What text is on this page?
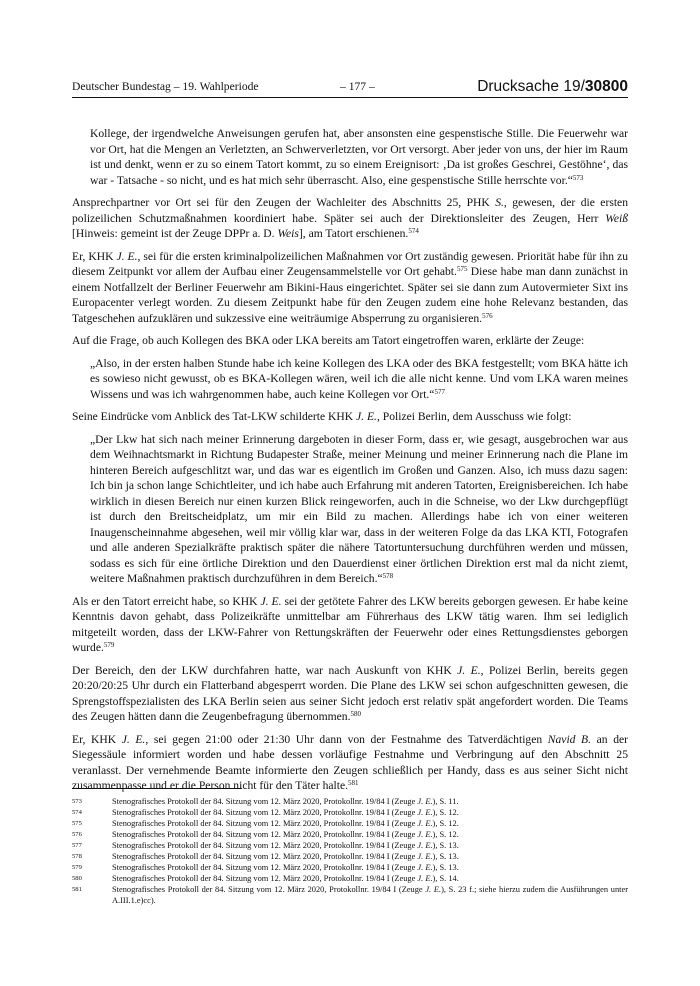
Deutscher Bundestag – 19. Wahlperiode	– 177 –	Drucksache 19/30800

Kollege, der irgendwelche Anweisungen gerufen hat, aber ansonsten eine gespenstische Stille. Die Feuerwehr war vor Ort, hat die Mengen an Verletzten, an Schwerverletzten, vor Ort versorgt. Aber jeder von uns, der hier im Raum ist und denkt, wenn er zu so einem Tatort kommt, zu so einem Ereignisort: ‚Da ist großes Geschrei, Gestöhne‘, das war - Tatsache - so nicht, und es hat mich sehr überrascht. Also, eine gespenstische Stille herrschte vor.“$^{573}$

Ansprechpartner vor Ort sei für den Zeugen der Wachleiter des Abschnitts 25, PHK S., gewesen, der die ersten polizeilichen Schutzmaßnahmen koordiniert habe. Später sei auch der Direktionsleiter des Zeugen, Herr Weiß [Hinweis: gemeint ist der Zeuge DPPr a. D. Weis], am Tatort erschienen.$^{574}$

Er, KHK J. E., sei für die ersten kriminalpolizeilichen Maßnahmen vor Ort zuständig gewesen. Priorität habe für ihn zu diesem Zeitpunkt vor allem der Aufbau einer Zeugensammelstelle vor Ort gehabt.$^{575}$ Diese habe man dann zunächst in einem Notfallzelt der Berliner Feuerwehr am Bikini-Haus eingerichtet. Später sei sie dann zum Autovermieter Sixt ins Europacenter verlegt worden. Zu diesem Zeitpunkt habe für den Zeugen zudem eine hohe Relevanz bestanden, das Tatgeschehen aufzuklären und sukzessive eine weiträumige Absperrung zu organisieren.$^{576}$

Auf die Frage, ob auch Kollegen des BKA oder LKA bereits am Tatort eingetroffen waren, erklärte der Zeuge:

„Also, in der ersten halben Stunde habe ich keine Kollegen des LKA oder des BKA festgestellt; vom BKA hätte ich es sowieso nicht gewusst, ob es BKA-Kollegen wären, weil ich die alle nicht kenne. Und vom LKA waren meines Wissens und was ich wahrgenommen habe, auch keine Kollegen vor Ort.“$^{577}$

Seine Eindrücke vom Anblick des Tat-LKW schilderte KHK J. E., Polizei Berlin, dem Ausschuss wie folgt:

„Der Lkw hat sich nach meiner Erinnerung dargeboten in dieser Form, dass er, wie gesagt, ausgebrochen war aus dem Weihnachtsmarkt in Richtung Budapester Straße, meiner Meinung und meiner Erinnerung nach die Plane im hinteren Bereich aufgeschlitzt war, und das war es eigentlich im Großen und Ganzen. Also, ich muss dazu sagen: Ich bin ja schon lange Schichtleiter, und ich habe auch Erfahrung mit anderen Tatorten, Ereignisbereichen. Ich habe wirklich in diesen Bereich nur einen kurzen Blick reingeworfen, auch in die Schneise, wo der Lkw durchgepflügt ist durch den Breitscheidplatz, um mir ein Bild zu machen. Allerdings habe ich von einer weiteren Inaugenscheinnahme abgesehen, weil mir völlig klar war, dass in der weiteren Folge da das LKA KTI, Fotografen und alle anderen Spezialkräfte praktisch später die nähere Tatortuntersuchung durchführen werden und müssen, sodass es sich für eine örtliche Direktion und den Dauerdienst einer örtlichen Direktion erst mal da nicht ziemt, weitere Maßnahmen praktisch durchzuführen in dem Bereich.“$^{578}$

Als er den Tatort erreicht habe, so KHK J. E. sei der getötete Fahrer des LKW bereits geborgen gewesen. Er habe keine Kenntnis davon gehabt, dass Polizeikräfte unmittelbar am Führerhaus des LKW tätig waren. Ihm sei lediglich mitgeteilt worden, dass der LKW-Fahrer von Rettungskräften der Feuerwehr oder eines Rettungsdienstes geborgen wurde.$^{579}$

Der Bereich, den der LKW durchfahren hatte, war nach Auskunft von KHK J. E., Polizei Berlin, bereits gegen 20:20/20:25 Uhr durch ein Flatterband abgesperrt worden. Die Plane des LKW sei schon aufgeschnitten gewesen, die Sprengstoffspezialisten des LKA Berlin seien aus seiner Sicht jedoch erst relativ spät angefordert worden. Die Teams des Zeugen hätten dann die Zeugenbefragung übernommen.$^{580}$

Er, KHK J. E., sei gegen 21:00 oder 21:30 Uhr dann von der Festnahme des Tatverdächtigen Navid B. an der Siegessäule informiert worden und habe dessen vorläufige Festnahme und Verbringung auf den Abschnitt 25 veranlasst. Der vernehmende Beamte informierte den Zeugen schließlich per Handy, dass es aus seiner Sicht nicht zusammenpasse und er die Person nicht für den Täter halte.$^{581}$

573	Stenografisches Protokoll der 84. Sitzung vom 12. März 2020, Protokollnr. 19/84 I (Zeuge J. E.), S. 11.
574	Stenografisches Protokoll der 84. Sitzung vom 12. März 2020, Protokollnr. 19/84 I (Zeuge J. E.), S. 12.
575	Stenografisches Protokoll der 84. Sitzung vom 12. März 2020, Protokollnr. 19/84 I (Zeuge J. E.), S. 12.
576	Stenografisches Protokoll der 84. Sitzung vom 12. März 2020, Protokollnr. 19/84 I (Zeuge J. E.), S. 12.
577	Stenografisches Protokoll der 84. Sitzung vom 12. März 2020, Protokollnr. 19/84 I (Zeuge J. E.), S. 13.
578	Stenografisches Protokoll der 84. Sitzung vom 12. März 2020, Protokollnr. 19/84 I (Zeuge J. E.), S. 13.
579	Stenografisches Protokoll der 84. Sitzung vom 12. März 2020, Protokollnr. 19/84 I (Zeuge J. E.), S. 13.
580	Stenografisches Protokoll der 84. Sitzung vom 12. März 2020, Protokollnr. 19/84 I (Zeuge J. E.), S. 14.
581	Stenografisches Protokoll der 84. Sitzung vom 12. März 2020, Protokollnr. 19/84 I (Zeuge J. E.), S. 23 f.; siehe hierzu zudem die Ausführungen unter A.III.1.e)cc).
